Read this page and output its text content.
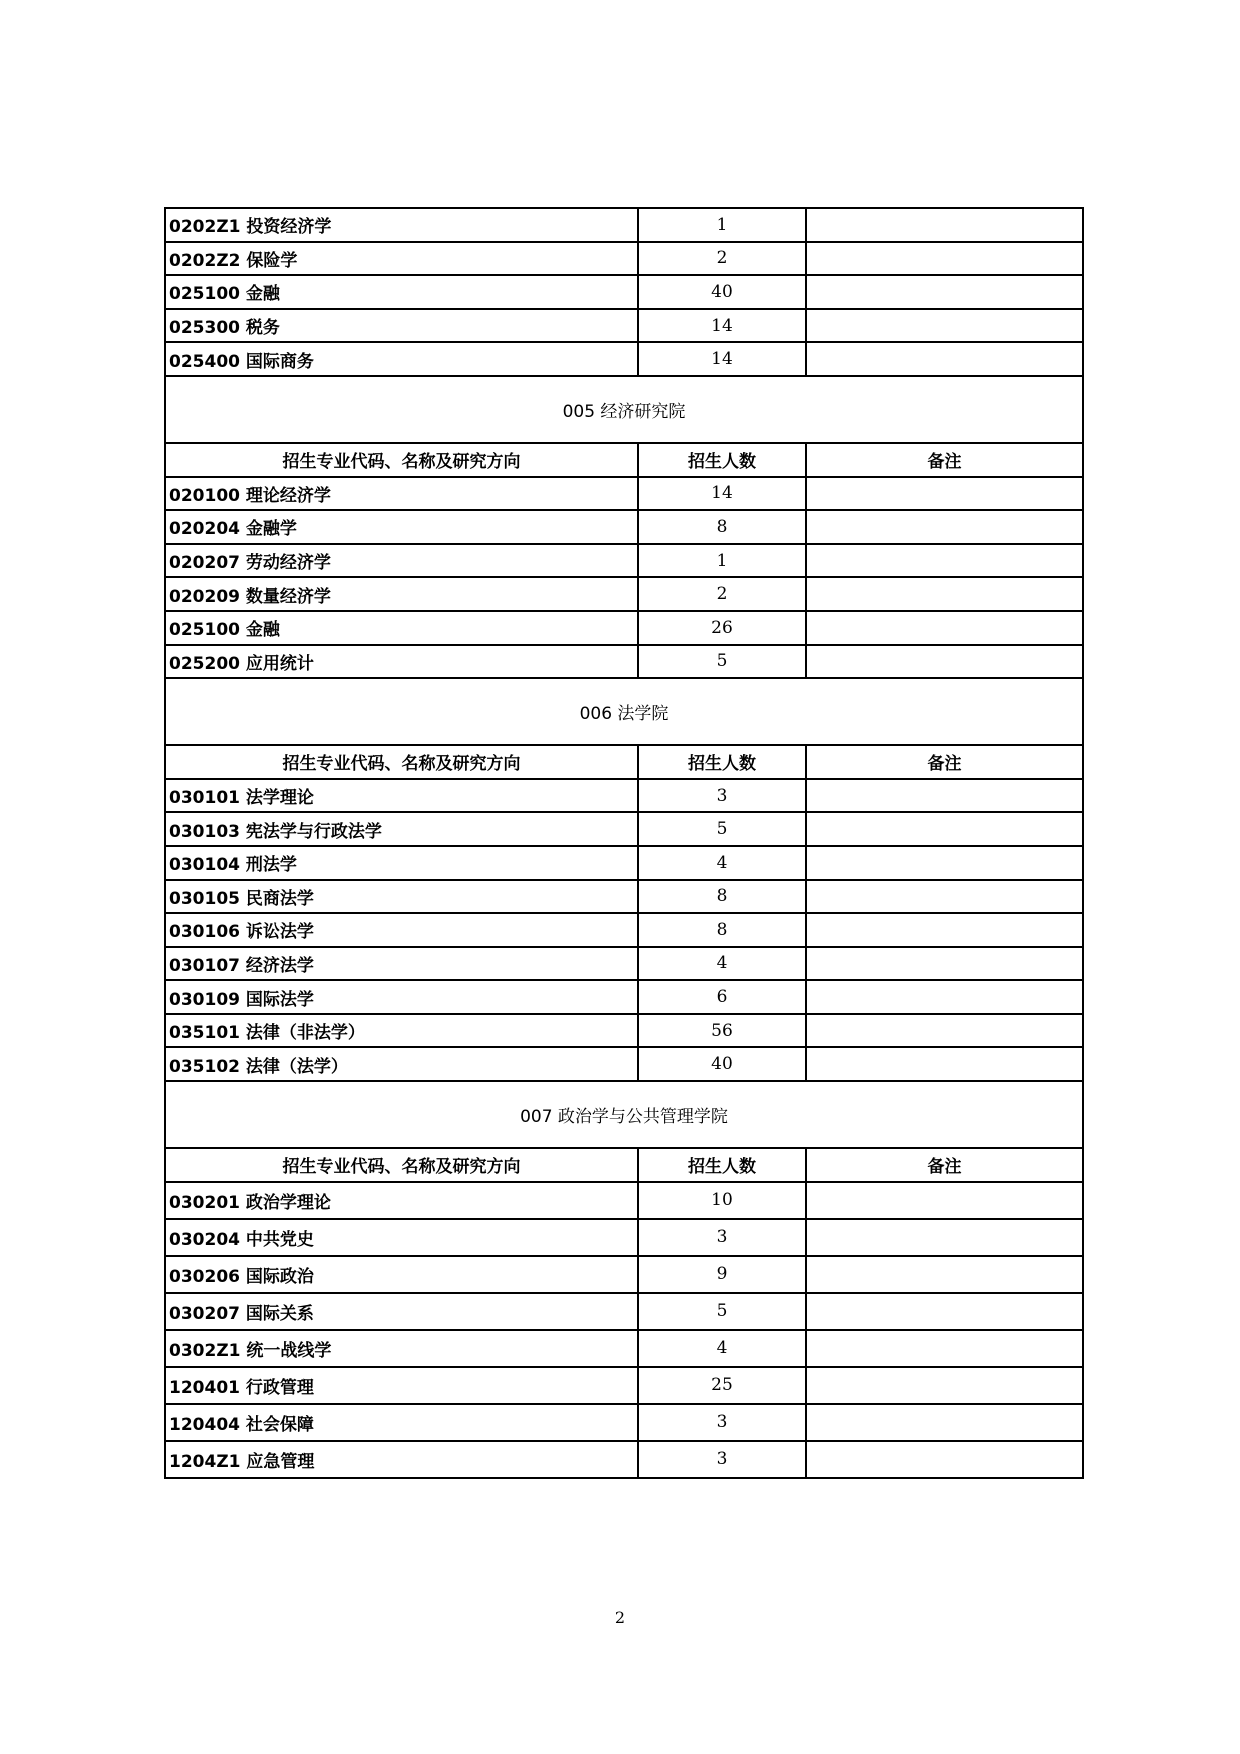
0202Z1 投资经济学	1	
0202Z2 保险学	2	
025100 金融	40	
025300 税务	14	
025400 国际商务	14	
005 经济研究院		
招生专业代码、名称及研究方向	招生人数	备注
020100 理论经济学	14	
020204 金融学	8	
020207 劳动经济学	1	
020209 数量经济学	2	
025100 金融	26	
025200 应用统计	5	
006 法学院		
招生专业代码、名称及研究方向	招生人数	备注
030101 法学理论	3	
030103 宪法学与行政法学	5	
030104 刑法学	4	
030105 民商法学	8	
030106 诉讼法学	8	
030107 经济法学	4	
030109 国际法学	6	
035101 法律（非法学）	56	
035102 法律（法学）	40	
007 政治学与公共管理学院		
招生专业代码、名称及研究方向	招生人数	备注
030201 政治学理论	10	
030204 中共党史	3	
030206 国际政治	9	
030207 国际关系	5	
0302Z1 统一战线学	4	
120401 行政管理	25	
120404 社会保障	3	
1204Z1 应急管理	3	
2
